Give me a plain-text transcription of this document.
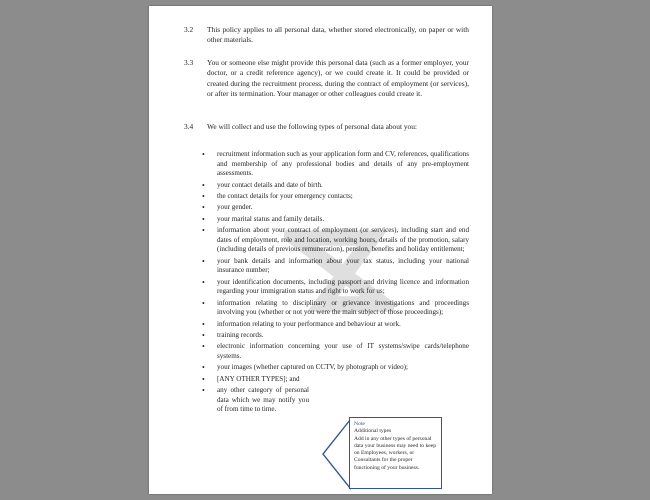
3.2	This policy applies to all personal data, whether stored electronically, on paper or with other materials.
3.3	You or someone else might provide this personal data (such as a former employer, your doctor, or a credit reference agency), or we could create it. It could be provided or created during the recruitment process, during the contract of employment (or services), or after its termination. Your manager or other colleagues could create it.
3.4	We will collect and use the following types of personal data about you:
• recruitment information such as your application form and CV, references, qualifications and membership of any professional bodies and details of any pre-employment assessments.
• your contact details and date of birth.
• the contact details for your emergency contacts;
• your gender.
• your marital status and family details.
• information about your contract of employment (or services), including start and end dates of employment, role and location, working hours, details of the promotion, salary (including details of previous remuneration), pension, benefits and holiday entitlement;
• your bank details and information about your tax status, including your national insurance number;
• your identification documents, including passport and driving licence and information regarding your immigration status and right to work for us;
• information relating to disciplinary or grievance investigations and proceedings involving you (whether or not you were the main subject of those proceedings);
• information relating to your performance and behaviour at work.
• training records.
• electronic information concerning your use of IT systems/swipe cards/telephone systems.
• your images (whether captured on CCTV, by photograph or video);
• [ANY OTHER TYPES]; and
• any other category of personal data which we may notify you of from time to time.
Note
Additional types
Add in any other types of personal data your business may need to keep on Employees, workers, or Consultants for the proper functioning of your business.
